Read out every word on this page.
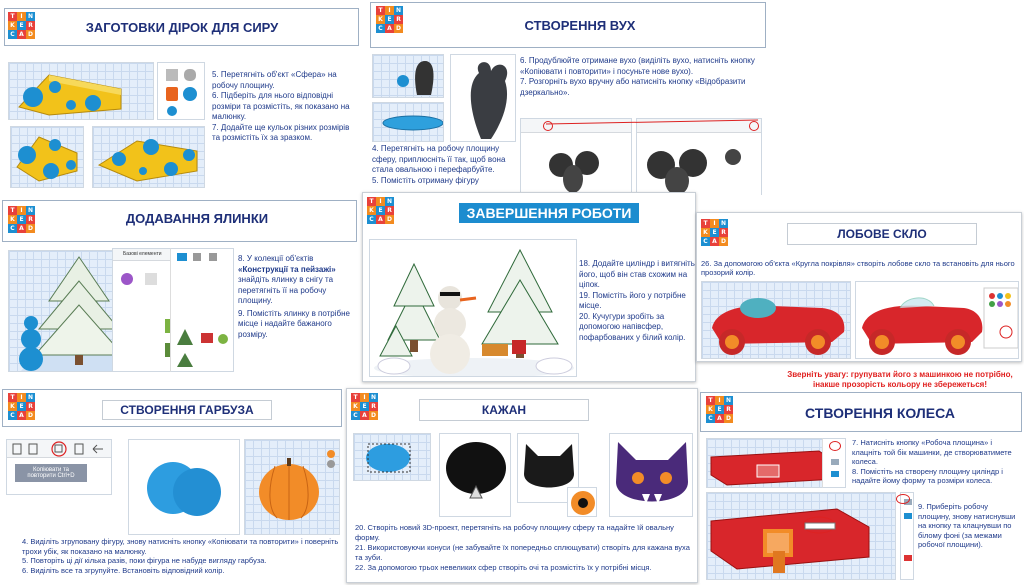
T I N
K E R
C A D	ЗАГОТОВКИ ДІРОК ДЛЯ СИРУ
5. Перетягніть об'єкт «Сфера» на робочу площину.
6. Підберіть для нього відповідні розміри та розмістіть, як показано на малюнку.
7. Додайте ще кульок різних розмірів та розмістіть їх за зразком.
T I N
K E R
C A D	СТВОРЕННЯ ВУХ
6. Продублюйте отримане вухо (виділіть вухо, натисніть кнопку «Копіювати і повторити» і посуньте нове вухо).
7. Розгорніть вухо вручну або натисніть кнопку «Відобразити дзеркально».
4. Перетягніть на робочу площину сферу, приплюсніть її так, щоб вона стала овальною і перефарбуйте.
5. Помістіть отриману фігуру
T I N
K E R
C A D
ДОДАВАННЯ ЯЛИНКИ
Базові елементи	8. У колекції об'єктів «Конструкції та пейзажі» знайдіть ялинку в снігу та перетягніть її на робочу площину.
9. Помістіть ялинку в потрібне місце і надайте бажаного розміру.
T I N
K E R
C A D	ЗАВЕРШЕННЯ РОБОТИ
18. Додайте циліндр і витягніть його, щоб він став схожим на ціпок.
19. Помістіть його у потрібне місце.
20. Кучугури зробіть за допомогою напівсфер, пофарбованих у білий колір.
T I N
K E R
C A D
ЛОБОВЕ СКЛО
26. За допомогою об'єкта «Кругла покрівля» створіть лобове скло та встановіть для нього прозорий колір.
Зверніть увагу: групувати його з машинкою не потрібно, інакше прозорість кольору не збережеться!
T I N
K E R
C A D	СТВОРЕННЯ ГАРБУЗА
Копіювати та повторити Ctrl+D
4. Виділіть згруповану фігуру, знову натисніть кнопку «Копіювати та повторити» і поверніть трохи убік, як показано на малюнку.
5. Повторіть ці дії кілька разів, поки фігура не набуде вигляду гарбуза.
6. Виділіть все та згрупуйте. Встановіть відповідний колір.
T I N
K E R
C A D	КАЖАН
20. Створіть новий 3D-проект, перетягніть на робочу площину сферу та надайте їй овальну форму.
21. Використовуючи конуси (не забувайте їх попередньо сплющувати) створіть для кажана вуха та зуби.
22. За допомогою трьох невеликих сфер створіть очі та розмістіть їх у потрібні місця.
T I N
K E R
C A D	СТВОРЕННЯ КОЛЕСА
7. Натисніть кнопку «Робоча площина» і клацніть той бік машинки, де створюватимете колеса.
8. Помістіть на створену площину циліндр і надайте йому форму та розміри колеса.
9. Приберіть робочу площину, знову натиснувши на кнопку та клацнувши по білому фоні (за межами робочої площини).
